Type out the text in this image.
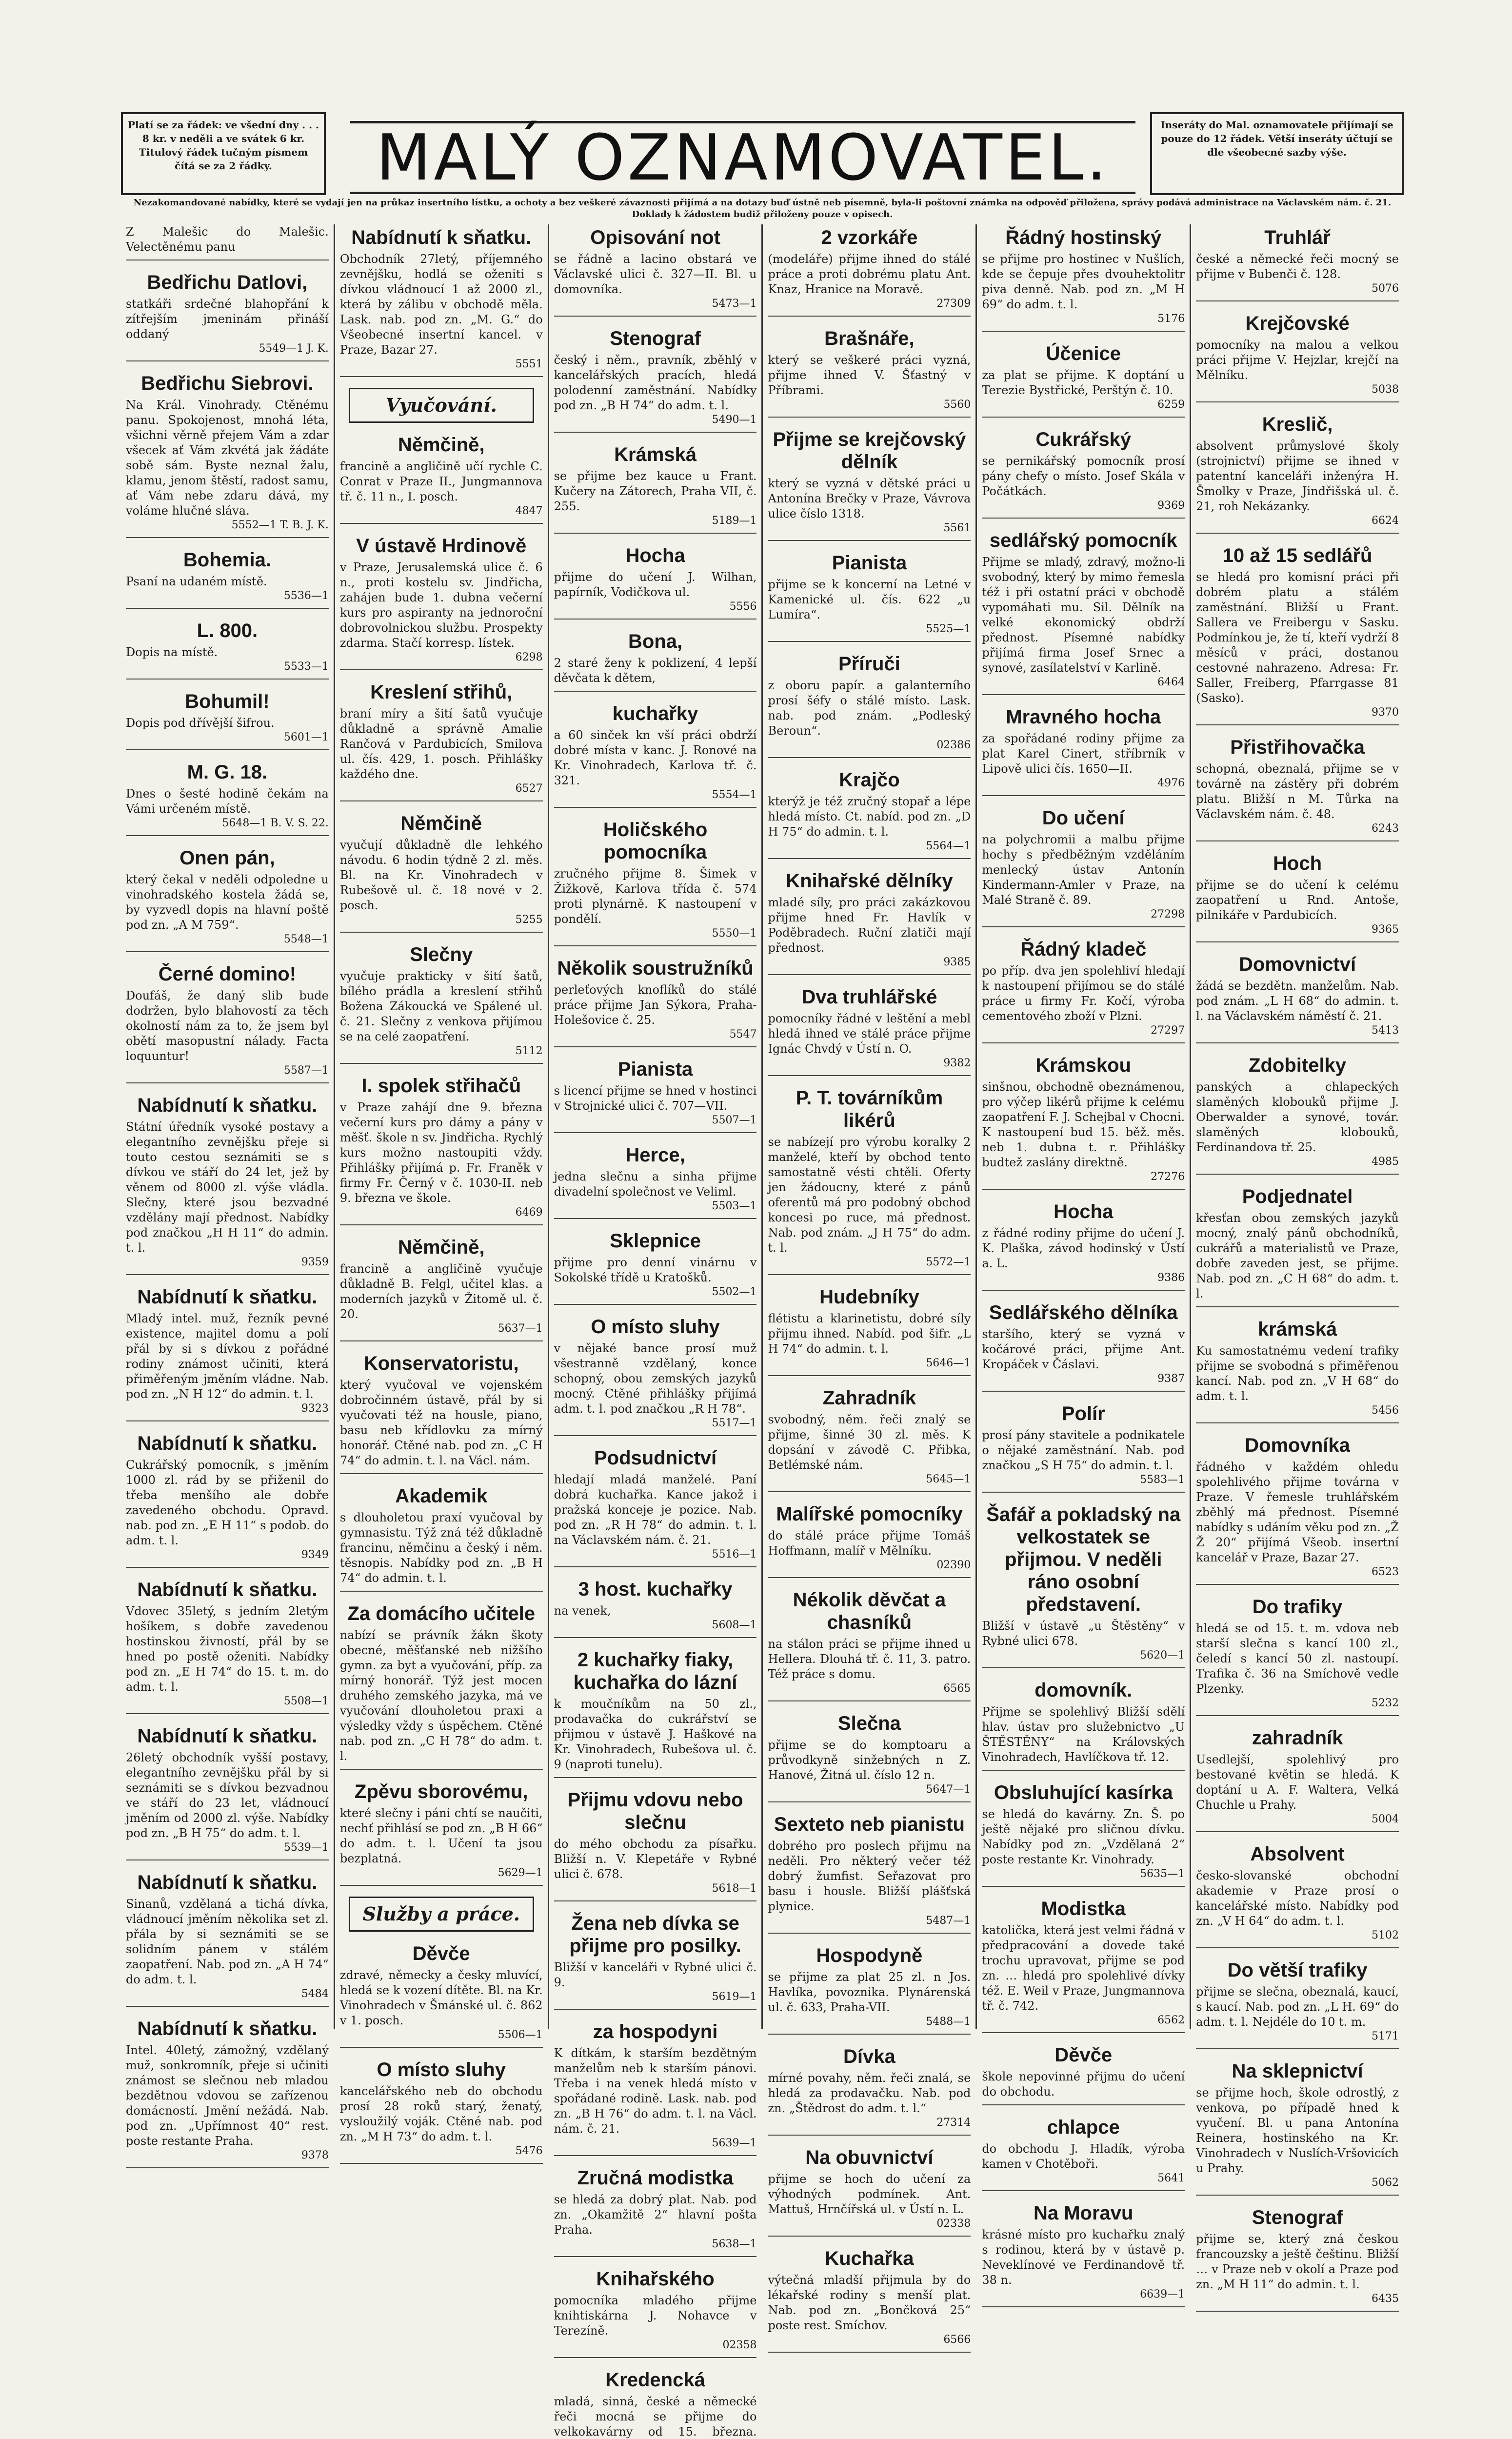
Platí se za řádek: ve všední dny . . . 8 kr. v neděli a ve svátek 6 kr. Titulový řádek tučným písmem čítá se za 2 řádky.	MALÝ OZNAMOVATEL.	Inseráty do Mal. oznamovatele přijímají se pouze do 12 řádek. Větší inseráty účtují se dle všeobecné sazby výše.
Nezakomandované nabídky, které se vydají jen na průkaz insertního lístku, a ochoty a bez veškeré závaznosti přijímá a na dotazy buď ústně neb písemně, byla-li poštovní známka na odpověď přiložena, správy podává administrace na Václavském nám. č. 21. Doklady k žádostem budiž přiloženy pouze v opisech.

Z Malešic do Malešic. Velectěnému panu

Bedřichu Datlovi,

statkáři srdečné blahopřání k zítřejším jmeninám přináší oddaný

5549—1 J. K.
Bedřichu Siebrovi.

Na Král. Vinohrady. Ctěnému panu. Spokojenost, mnohá léta, všichni věrně přejem Vám a zdar všecek ať Vám zkvétá jak žádáte sobě sám. Byste neznal žalu, klamu, jenom štěstí, radost samu, ať Vám nebe zdaru dává, my voláme hlučné sláva.

5552—1 T. B. J. K.
Bohemia.

Psaní na udaném místě.

5536—1
L. 800.

Dopis na místě.

5533—1
Bohumil!

Dopis pod dřívější šifrou.

5601—1
M. G. 18.

Dnes o šesté hodině čekám na Vámi určeném místě.

5648—1 B. V. S. 22.
Onen pán,

který čekal v neděli odpoledne u vinohradského kostela žádá se, by vyzvedl dopis na hlavní poště pod zn. „A M 759“.

5548—1
Černé domino!

Doufáš, že daný slib bude dodržen, bylo blahovostí za těch okolností nám za to, že jsem byl obětí masopustní nálady. Facta loquuntur!

5587—1
Nabídnutí k sňatku.

Státní úředník vysoké postavy a elegantního zevnějšku přeje si touto cestou seznámiti se s dívkou ve stáří do 24 let, jež by věnem od 8000 zl. výše vládla. Slečny, které jsou bezvadné vzdělány mají přednost. Nabídky pod značkou „H H 11“ do admin. t. l.

9359
Nabídnutí k sňatku.

Mladý intel. muž, řezník pevné existence, majitel domu a polí přál by si s dívkou z pořádné rodiny známost učiniti, která přiměřeným jměním vládne. Nab. pod zn. „N H 12“ do admin. t. l.

9323
Nabídnutí k sňatku.

Cukrářský pomocník, s jměním 1000 zl. rád by se přiženil do třeba menšího ale dobře zavedeného obchodu. Opravd. nab. pod zn. „E H 11“ s podob. do adm. t. l.

9349
Nabídnutí k sňatku.

Vdovec 35letý, s jedním 2letým hošíkem, s dobře zavedenou hostinskou živností, přál by se hned po postě oženiti. Nabídky pod zn. „E H 74“ do 15. t. m. do adm. t. l.

5508—1
Nabídnutí k sňatku.

26letý obchodník vyšší postavy, elegantního zevnějšku přál by si seznámiti se s dívkou bezvadnou ve stáří do 23 let, vládnoucí jměním od 2000 zl. výše. Nabídky pod zn. „B H 75“ do adm. t. l.

5539—1
Nabídnutí k sňatku.

Sinanů, vzdělaná a tichá dívka, vládnoucí jměním několika set zl. přála by si seznámiti se se solidním pánem v stálém zaopatření. Nab. pod zn. „A H 74“ do adm. t. l.

5484
Nabídnutí k sňatku.

Intel. 40letý, zámožný, vzdělaný muž, sonkromník, přeje si učiniti známost se slečnou neb mladou bezdětnou vdovou se zařízenou domácností. Jmění nežádá. Nab. pod zn. „Upřímnost 40“ rest. poste restante Praha.

9378
Nabídnutí k sňatku.

Obchodník 27letý, příjemného zevnějšku, hodlá se oženiti s dívkou vládnoucí 1 až 2000 zl., která by zálibu v obchodě měla. Lask. nab. pod zn. „M. G.“ do Všeobecné insertní kancel. v Praze, Bazar 27.

5551
Vyučování.
Němčině,

francině a angličině učí rychle C. Conrat v Praze II., Jungmannova tř. č. 11 n., I. posch.

4847
V ústavě Hrdinově

v Praze, Jerusalemská ulice č. 6 n., proti kostelu sv. Jindřicha, zahájen bude 1. dubna večerní kurs pro aspiranty na jednoroční dobrovolnickou službu. Prospekty zdarma. Stačí korresp. lístek.

6298
Kreslení střihů,

braní míry a šití šatů vyučuje důkladně a správně Amalie Rančová v Pardubicích, Smilova ul. čís. 429, 1. posch. Přihlášky každého dne.

6527
Němčině

vyučují důkladně dle lehkého návodu. 6 hodin týdně 2 zl. měs. Bl. na Kr. Vinohradech v Rubešově ul. č. 18 nové v 2. posch.

5255
Slečny

vyučuje prakticky v šití šatů, bílého prádla a kreslení střihů Božena Zákoucká ve Spálené ul. č. 21. Slečny z venkova přijímou se na celé zaopatření.

5112
I. spolek střihačů

v Praze zahájí dne 9. března večerní kurs pro dámy a pány v měšť. škole n sv. Jindřicha. Rychlý kurs možno nastoupiti vždy. Přihlášky přijímá p. Fr. Franěk v firmy Fr. Černý v č. 1030-II. neb 9. března ve škole.

6469
Němčině,

francině a angličině vyučuje důkladně B. Felgl, učitel klas. a moderních jazyků v Žitomě ul. č. 20.

5637—1
Konservatoristu,

který vyučoval ve vojenském dobročinném ústavě, přál by si vyučovati též na housle, piano, basu neb křídlovku za mírný honorář. Ctěné nab. pod zn. „C H 74“ do admin. t. l. na Václ. nám.

Akademik

s dlouholetou praxí vyučoval by gymnasistu. Týž zná též důkladně francinu, němčinu a český i něm. těsnopis. Nabídky pod zn. „B H 74“ do admin. t. l.

Za domácího učitele

nabízí se právník žákn škoty obecné, měšťanské neb nižšího gymn. za byt a vyučování, příp. za mírný honorář. Týž jest mocen druhého zemského jazyka, má ve vyučování dlouholetou praxi a výsledky vždy s úspěchem. Ctěné nab. pod zn. „C H 78“ do adm. t. l.

Zpěvu sborovému,

které slečny i páni chtí se naučiti, nechť přihlásí se pod zn. „B H 66“ do adm. t. l. Učení ta jsou bezplatná.

5629—1
Služby a práce.
Děvče

zdravé, německy a česky mluvící, hledá se k vození dítěte. Bl. na Kr. Vinohradech v Šmánské ul. č. 862 v 1. posch.

5506—1
O místo sluhy

kancelářského neb do obchodu prosí 28 roků starý, ženatý, vysloužilý voják. Ctěné nab. pod zn. „M H 73“ do adm. t. l.

5476
Opisování not

se řádně a lacino obstará ve Václavské ulici č. 327—II. Bl. u domovníka.

5473—1
Stenograf

český i něm., pravník, zběhlý v kancelářských pracích, hledá polodenní zaměstnání. Nabídky pod zn. „B H 74“ do adm. t. l.

5490—1
Krámská

se přijme bez kauce u Frant. Kučery na Zátorech, Praha VII, č. 255.

5189—1
Hocha

přijme do učení J. Wilhan, papírník, Vodičkova ul.

5556
Bona,

2 staré ženy k poklizení, 4 lepší děvčata k dětem,

kuchařky

a 60 sinček kn vší práci obdrží dobré místa v kanc. J. Ronové na Kr. Vinohradech, Karlova tř. č. 321.

5554—1
Holičského pomocníka

zručného přijme 8. Šimek v Žižkově, Karlova třída č. 574 proti plynárně. K nastoupení v pondělí.

5550—1
Několik soustružníků

perleťových knoflíků do stálé práce přijme Jan Sýkora, Praha-Holešovice č. 25.

5547
Pianista

s licencí přijme se hned v hostinci v Strojnické ulici č. 707—VII.

5507—1
Herce,

jedna slečnu a sinha přijme divadelní společnost ve Veliml.

5503—1
Sklepnice

přijme pro denní vinárnu v Sokolské třídě u Kratošků.

5502—1
O místo sluhy

v nějaké bance prosí muž všestranně vzdělaný, konce schopný, obou zemských jazyků mocný. Ctěné přihlášky přijímá adm. t. l. pod značkou „R H 78“.

5517—1
Podsudnictví

hledají mladá manželé. Paní dobrá kuchařka. Kance jakož i pražská konceje je pozice. Nab. pod zn. „R H 78“ do admin. t. l. na Václavském nám. č. 21.

5516—1
3 host. kuchařky

na venek,

5608—1
2 kuchařky fiaky, kuchařka do lázní

k moučníkům na 50 zl., prodavačka do cukrářství se přijmou v ústavě J. Haškové na Kr. Vinohradech, Rubešova ul. č. 9 (naproti tunelu).

Přijmu vdovu nebo slečnu

do mého obchodu za písařku. Bližší n. V. Klepetáře v Rybné ulici č. 678.

5618—1
Žena neb dívka se přijme pro posilky.

Bližší v kanceláři v Rybné ulici č. 9.

5619—1
za hospodyni

K dítkám, k starším bezdětným manželům neb k starším pánovi. Třeba i na venek hledá místo v spořádané rodině. Lask. nab. pod zn. „B H 76“ do adm. t. l. na Václ. nám. č. 21.

5639—1
Zručná modistka

se hledá za dobrý plat. Nab. pod zn. „Okamžitě 2“ hlavní pošta Praha.

5638—1
Knihařského

pomocníka mladého přijme knihtiskárna J. Nohavce v Terezíně.

02358
Kredencká

mladá, sinná, české a německé řeči mocná se přijme do velkokavárny od 15. března.

2 vzorkáře

(modeláře) přijme ihned do stálé práce a proti dobrému platu Ant. Knaz, Hranice na Moravě.

27309
Brašnáře,

který se veškeré práci vyzná, přijme ihned V. Šťastný v Příbrami.

5560
Přijme se krejčovský dělník

který se vyzná v dětské práci u Antonína Brečky v Praze, Vávrova ulice číslo 1318.

5561
Pianista

přijme se k koncerní na Letné v Kamenické ul. čís. 622 „u Lumíra“.

5525—1
Příruči

z oboru papír. a galanterního prosí šéfy o stálé místo. Lask. nab. pod znám. „Podleský Beroun“.

02386
Krajčo

kterýž je též zručný stopař a lépe hledá místo. Ct. nabíd. pod zn. „D H 75“ do admin. t. l.

5564—1
Knihařské dělníky

mladé síly, pro práci zakázkovou přijme hned Fr. Havlík v Poděbradech. Ruční zlatiči mají přednost.

9385
Dva truhlářské

pomocníky řádné v leštění a mebl hledá ihned ve stálé práce přijme Ignác Chvdý v Ústí n. O.

9382
P. T. továrníkům likérů

se nabízejí pro výrobu koralky 2 manželé, kteří by obchod tento samostatně vésti chtěli. Oferty jen žádoucny, které z pánů oferentů má pro podobný obchod koncesi po ruce, má přednost. Nab. pod znám. „J H 75“ do adm. t. l.

5572—1
Hudebníky

flétistu a klarinetistu, dobré síly přijmu ihned. Nabíd. pod šifr. „L H 74“ do admin. t. l.

5646—1
Zahradník

svobodný, něm. řeči znalý se přijme, šinné 30 zl. měs. K dopsání v závodě C. Přibka, Betlémské nám.

5645—1
Malířské pomocníky

do stálé práce přijme Tomáš Hoffmann, malíř v Mělníku.

02390
Nékolik děvčat a chasníků

na stálon práci se přijme ihned u Hellera. Dlouhá tř. č. 11, 3. patro. Též práce s domu.

6565
Slečna

přijme se do komptoaru a průvodkyně sinžebných n Z. Hanové, Žitná ul. číslo 12 n.

5647—1
Sexteto neb pianistu

dobrého pro poslech přijmu na neděli. Pro některý večer též dobrý žumfist. Seřazovat pro basu i housle. Bližší plášťská plynice.

5487—1
Hospodyně

se přijme za plat 25 zl. n Jos. Havlíka, povoznika. Plynárenská ul. č. 633, Praha-VII.

5488—1
Dívka

mírné povahy, něm. řeči znalá, se hledá za prodavačku. Nab. pod zn. „Štědrost do adm. t. l.“

27314
Na obuvnictví

přijme se hoch do učení za výhodných podmínek. Ant. Mattuš, Hrnčířská ul. v Ústí n. L.

02338
Kuchařka

výtečná mladší přijmula by do lékařské rodiny s menší plat. Nab. pod zn. „Bončková 25“ poste rest. Smíchov.

6566
Řádný hostinský

se přijme pro hostinec v Nušlích, kde se čepuje přes dvouhektolitr piva denně. Nab. pod zn. „M H 69“ do adm. t. l.

5176
Účenice

za plat se přijme. K doptání u Terezie Bystřické, Perštýn č. 10.

6259
Cukrářský

se pernikářský pomocník prosí pány chefy o místo. Josef Skála v Počátkách.

9369
sedlářský pomocník

Přijme se mladý, zdravý, možno-li svobodný, který by mimo řemesla též i při ostatní práci v obchodě vypomáhati mu. Sil. Dělník na velké ekonomický obdrží přednost. Písemné nabídky přijímá firma Josef Srnec a synové, zasílatelství v Karlině.

6464
Mravného hocha

za spořádané rodiny přijme za plat Karel Cinert, stříbrník v Lipově ulici čís. 1650—II.

4976
Do učení

na polychromii a malbu přijme hochy s předběžným vzděláním menlecký ústav Antonín Kindermann-Amler v Praze, na Malé Straně č. 89.

27298
Řádný kladeč

po příp. dva jen spolehliví hledají k nastoupení přijímou se do stálé práce u firmy Fr. Kočí, výroba cementového zboží v Plzni.

27297
Krámskou

sinšnou, obchodně obeznámenou, pro výčep likérů přijme k celému zaopatření F. J. Schejbal v Chocni. K nastoupení bud 15. běž. měs. neb 1. dubna t. r. Přihlášky budtež zaslány direktně.

27276
Hocha

z řádné rodiny přijme do učení J. K. Plaška, závod hodinský v Ústí a. L.

9386
Sedlářského dělníka

staršího, který se vyzná v kočárové práci, přijme Ant. Kropáček v Čáslavi.

9387
Polír

prosí pány stavitele a podnikatele o nějaké zaměstnání. Nab. pod značkou „S H 75“ do admin. t. l.

5583—1
Šafář a pokladský na velkostatek se přijmou. V neděli ráno osobní představení.

Bližší v ústavě „u Štěstěny“ v Rybné ulici 678.

5620—1
domovník.

Přijme se spolehlivý Bližší sdělí hlav. ústav pro služebnictvo „U ŠTĚSTĚNY“ na Královských Vinohradech, Havlíčkova tř. 12.

Obsluhující kasírka

se hledá do kavárny. Zn. Š. po ještě nějaké pro sličnou dívku. Nabídky pod zn. „Vzdělaná 2“ poste restante Kr. Vinohrady.

5635—1
Modistka

katolička, která jest velmi řádná v předpracování a dovede také trochu upravovat, přijme se pod zn. … hledá pro spolehlivé dívky též. E. Weil v Praze, Jungmannova tř. č. 742.

6562
Děvče

škole nepovinné přijmu do učení do obchodu.

chlapce

do obchodu J. Hladík, výroba kamen v Chotěboři.

5641
Na Moravu

krásné místo pro kuchařku znalý s rodinou, která by v ústavě p. Neveklínové ve Ferdinandově tř. 38 n.

6639—1
Truhlář

české a německé řeči mocný se přijme v Bubenči č. 128.

5076
Krejčovské

pomocníky na malou a velkou práci přijme V. Hejzlar, krejčí na Mělníku.

5038
Kreslič,

absolvent průmyslové školy (strojnictví) přijme se ihned v patentní kanceláři inženýra H. Šmolky v Praze, Jindřišská ul. č. 21, roh Nekázanky.

6624
10 až 15 sedlářů

se hledá pro komisní práci při dobrém platu a stálém zaměstnání. Bližší u Frant. Sallera ve Freibergu v Sasku. Podmínkou je, že tí, kteří vydrží 8 měsíců v práci, dostanou cestovné nahrazeno. Adresa: Fr. Saller, Freiberg, Pfarrgasse 81 (Sasko).

9370
Přistřihovačka

schopná, obeznalá, přijme se v továrně na zástěry při dobrém platu. Bližší n M. Tůrka na Václavském nám. č. 48.

6243
Hoch

přijme se do učení k celému zaopatření u Rnd. Antoše, pilnikáře v Pardubicích.

9365
Domovnictví

žádá se bezdětn. manželům. Nab. pod znám. „L H 68“ do admin. t. l. na Václavském náměstí č. 21.

5413
Zdobitelky

panských a chlapeckých slaměných klobouků přijme J. Oberwalder a synové, továr. slaměných klobouků, Ferdinandova tř. 25.

4985
Podjednatel

křesťan obou zemských jazyků mocný, znalý pánů obchodníků, cukrářů a materialistů ve Praze, dobře zaveden jest, se přijme. Nab. pod zn. „C H 68“ do adm. t. l.

krámská

Ku samostatnému vedení trafiky přijme se svobodná s přiměřenou kancí. Nab. pod zn. „V H 68“ do adm. t. l.

5456
Domovníka

řádného v každém ohledu spolehlivého přijme továrna v Praze. V řemesle truhlářském zběhlý má přednost. Písemné nabídky s udáním věku pod zn. „Ž Ž 20“ přijímá Všeob. insertní kancelář v Praze, Bazar 27.

6523
Do trafiky

hledá se od 15. t. m. vdova neb starší slečna s kancí 100 zl., čeledí s kancí 50 zl. nastoupí. Trafika č. 36 na Smíchově vedle Plzenky.

5232
zahradník

Usedlejší, spolehlivý pro bestované květin se hledá. K doptání u A. F. Waltera, Velká Chuchle u Prahy.

5004
Absolvent

česko-slovanské obchodní akademie v Praze prosí o kancelářské místo. Nabídky pod zn. „V H 64“ do adm. t. l.

5102
Do větší trafiky

přijme se slečna, obeznalá, kaucí, s kaucí. Nab. pod zn. „L H. 69“ do adm. t. l. Nejdéle do 10 t. m.

5171
Na sklepnictví

se přijme hoch, škole odrostlý, z venkova, po případě hned k vyučení. Bl. u pana Antonína Reinera, hostinského na Kr. Vinohradech v Nuslích-Vršovicích u Prahy.

5062
Stenograf

přijme se, který zná českou francouzsky a ještě češtinu. Bližší … v Praze neb v okolí a Praze pod zn. „M H 11“ do admin. t. l.

6435
